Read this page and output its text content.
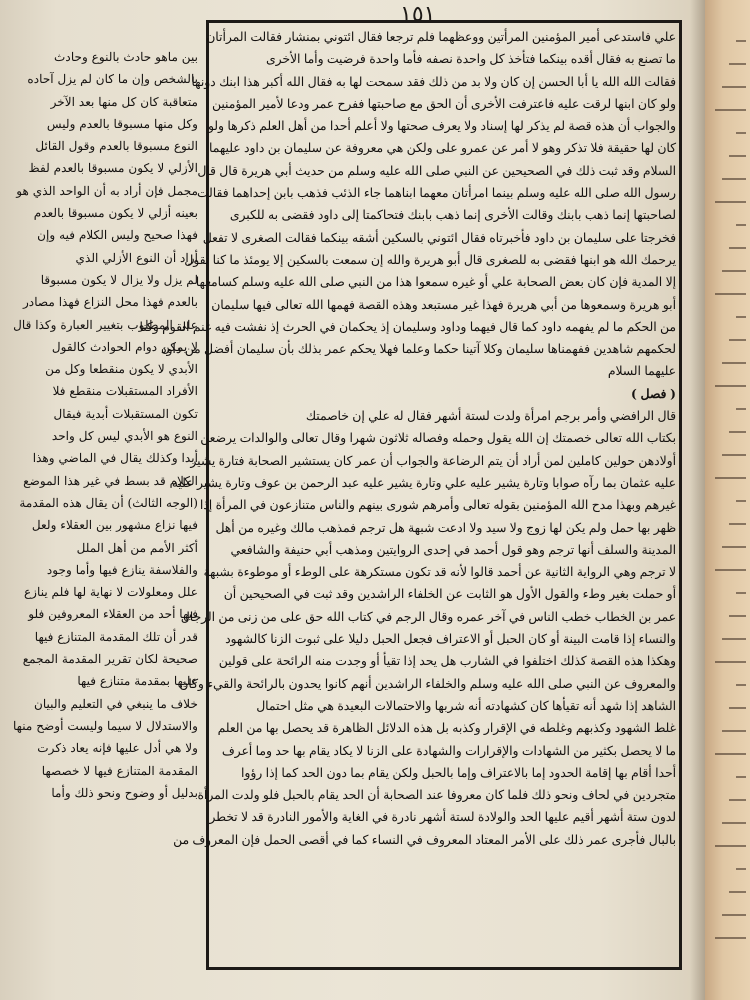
١٥١
علي فاستدعى أمير المؤمنين المرأتين ووعظهما فلم ترجعا فقال ائتوني بمنشار فقالت المرأتان
ما تصنع به فقال أقده بينكما فتأخذ كل واحدة نصفه فأما واحدة فرضيت وأما الأخرى
فقالت الله الله يا أبا الحسن إن كان ولا بد من ذلك فقد سمحت لها به فقال الله أكبر هذا ابنك دونها
ولو كان ابنها لرقت عليه فاعترفت الأخرى أن الحق مع صاحبتها ففرح عمر ودعا لأمير المؤمنين
والجواب أن هذه قصة لم يذكر لها إسناد ولا يعرف صحتها ولا أعلم أحدا من أهل العلم ذكرها ولو
كان لها حقيقة فلا تذكر وهو لا أمر عن عمرو على ولكن هي معروفة عن سليمان بن داود عليهما
السلام وقد ثبت ذلك في الصحيحين عن النبي صلى الله عليه وسلم من حديث أبي هريرة قال قال
رسول الله صلى الله عليه وسلم بينما امرأتان معهما ابناهما جاء الذئب فذهب بابن إحداهما فقالت
لصاحبتها إنما ذهب بابنك وقالت الأخرى إنما ذهب بابنك فتحاكمتا إلى داود فقضى به للكبرى
فخرجتا على سليمان بن داود فأخبرتاه فقال ائتوني بالسكين أشقه بينكما فقالت الصغرى لا تفعل
يرحمك الله هو ابنها فقضى به للصغرى قال أبو هريرة والله إن سمعت بالسكين إلا يومئذ ما كنا نقول
إلا المدية فإن كان بعض الصحابة علي أو غيره سمعوا هذا من النبي صلى الله عليه وسلم كسامعها
أبو هريرة وسمعوها من أبي هريرة فهذا غير مستبعد وهذه القصة فهمها الله تعالى فيها سليمان
من الحكم ما لم يفهمه داود كما قال فيهما وداود وسليمان إذ يحكمان في الحرث إذ نفشت فيه غنم القوم وكنا
لحكمهم شاهدين ففهمناها سليمان وكلا آتينا حكما وعلما فهلا يحكم عمر بذلك بأن سليمان أفضل من داود
عليهما السلام
( فصل )
قال الرافضي وأمر برجم امرأة ولدت لستة أشهر فقال له علي إن خاصمتك
بكتاب الله تعالى خصمتك إن الله يقول وحمله وفصاله ثلاثون شهرا وقال تعالى والوالدات يرضعن
أولادهن حولين كاملين لمن أراد أن يتم الرضاعة والجواب أن عمر كان يستشير الصحابة فتارة يشير
عليه عثمان بما رآه صوابا وتارة يشير عليه علي وتارة يشير عليه عبد الرحمن بن عوف وتارة يشير عليه
غيرهم وبهذا مدح الله المؤمنين بقوله تعالى وأمرهم شورى بينهم والناس متنازعون في المرأة إذا
ظهر بها حمل ولم يكن لها زوج ولا سيد ولا ادعت شبهة هل ترجم فمذهب مالك وغيره من أهل
المدينة والسلف أنها ترجم وهو قول أحمد في إحدى الروايتين ومذهب أبي حنيفة والشافعي
لا ترجم وهي الرواية الثانية عن أحمد قالوا لأنه قد تكون مستكرهة على الوطء أو موطوءة بشبهة
أو حملت بغير وطء والقول الأول هو الثابت عن الخلفاء الراشدين وقد ثبت في الصحيحين أن
عمر بن الخطاب خطب الناس في آخر عمره وقال الرجم في كتاب الله حق على من زنى من الرجال
والنساء إذا قامت البينة أو كان الحبل أو الاعتراف فجعل الحبل دليلا على ثبوت الزنا كالشهود
وهكذا هذه القصة كذلك اختلفوا في الشارب هل يحد إذا تقيأ أو وجدت منه الرائحة على قولين
والمعروف عن النبي صلى الله عليه وسلم والخلفاء الراشدين أنهم كانوا يحدون بالرائحة والقيء وكان
الشاهد إذا شهد أنه تقيأها كان كشهادته أنه شربها والاحتمالات البعيدة هي مثل احتمال
غلط الشهود وكذبهم وغلطه في الإقرار وكذبه بل هذه الدلائل الظاهرة قد يحصل بها من العلم
ما لا يحصل بكثير من الشهادات والإقرارات والشهادة على الزنا لا يكاد يقام بها حد وما أعرف
أحدا أقام بها إقامة الحدود إما بالاعتراف وإما بالحبل ولكن يقام بما دون الحد كما إذا رؤوا
متجردين في لحاف ونحو ذلك فلما كان معروفا عند الصحابة أن الحد يقام بالحبل فلو ولدت المرأة
لدون ستة أشهر أقيم عليها الحد والولادة لستة أشهر نادرة في الغاية والأمور النادرة قد لا تخطر
بالبال فأجرى عمر ذلك على الأمر المعتاد المعروف في النساء كما في أقصى الحمل فإن المعروف من
بين ماهو حادث بالنوع وحادث
بالشخص وإن ما كان لم يزل آحاده
متعاقبة كان كل منها بعد الآخر
وكل منها مسبوقا بالعدم وليس
النوع مسبوقا بالعدم وقول القائل
الأزلي لا يكون مسبوقا بالعدم لفظ
مجمل فإن أراد به أن الواحد الذي هو
بعينه أزلي لا يكون مسبوقا بالعدم
فهذا صحيح وليس الكلام فيه وإن
أراد أن النوع الأزلي الذي
لم يزل ولا يزال لا يكون مسبوقا
بالعدم فهذا محل النزاع فهذا مصادر
على المطلوب بتغيير العبارة وكذا قال
لا يمكن دوام الحوادث كالقول
الأبدي لا يكون منقطعا وكل من
الأفراد المستقبلات منقطع فلا
تكون المستقبلات أبدية فيقال
النوع هو الأبدي ليس كل واحد
أبدا وكذلك يقال في الماضي وهذا
الكلام قد بسط في غير هذا الموضع
(الوجه الثالث) أن يقال هذه المقدمة
فيها نزاع مشهور بين العقلاء ولعل
أكثر الأمم من أهل الملل
والفلاسفة ينازع فيها وأما وجود
علل ومعلولات لا نهاية لها فلم ينازع
فيها أحد من العقلاء المعروفين فلو
قدر أن تلك المقدمة المتنازع فيها
صحيحة لكان تقرير المقدمة المجمع
عليها بمقدمة متنازع فيها
خلاف ما ينبغي في التعليم والبيان
والاستدلال لا سيما وليست أوضح منها
ولا هي أدل عليها فإنه يعاد ذكرت
المقدمة المتنازع فيها لا خصصها
بدليل أو وضوح ونحو ذلك وأما
